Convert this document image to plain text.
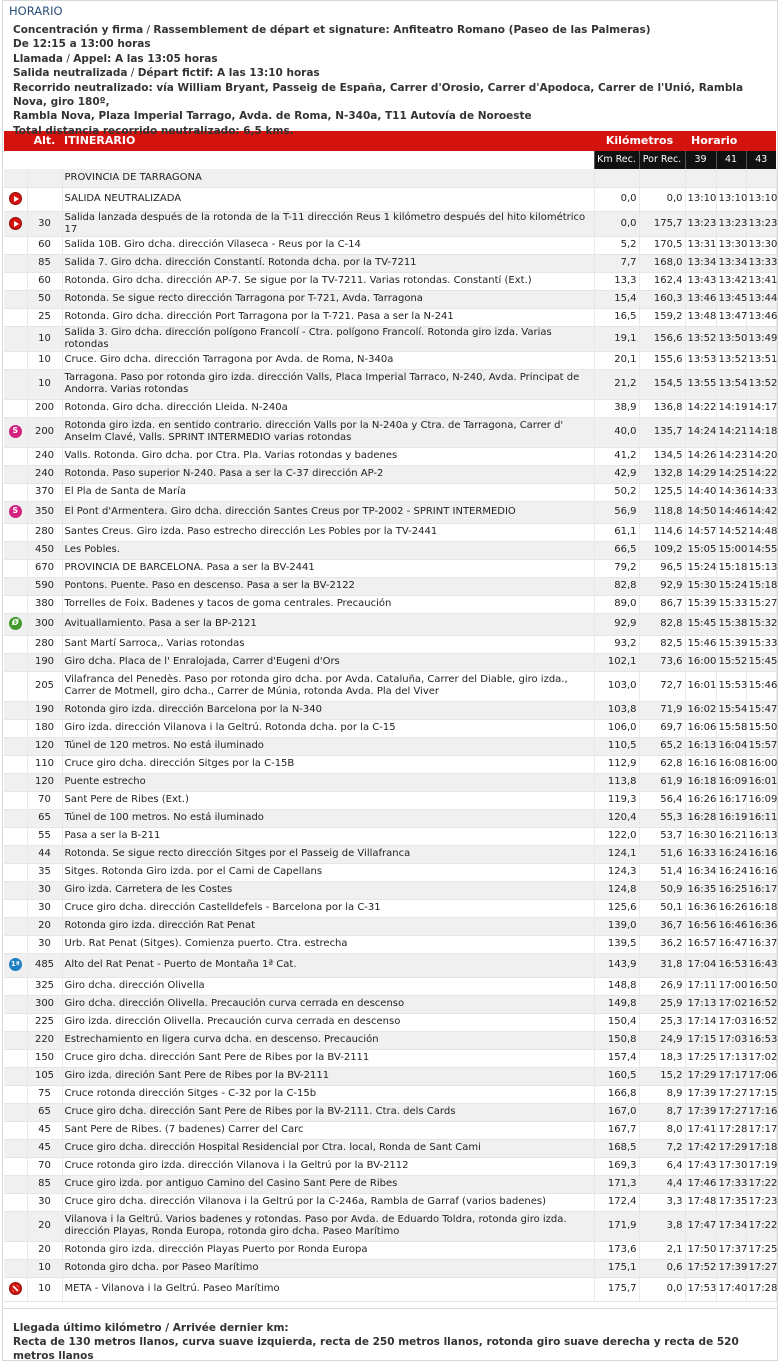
HORARIO
Concentración y firma / Rassemblement de départ et signature: Anfiteatro Romano (Paseo de las Palmeras)
De 12:15 a 13:00 horas
Llamada / Appel: A las 13:05 horas
Salida neutralizada / Départ fictif: A las 13:10 horas
Recorrido neutralizado: vía William Bryant, Passeig de España, Carrer d'Orosio, Carrer d'Apodoca, Carrer de l'Unió, Rambla Nova, giro 180º,
Rambla Nova, Plaza Imperial Tarrago, Avda. de Roma, N-340a, T11 Autovía de Noroeste
Total distancia recorrido neutralizado: 6,5 kms.
	Alt.	ITINERARIO	Kilómetros		Horario		
			Km Rec.	Por Rec.	39	41	43
		PROVINCIA DE TARRAGONA					
		SALIDA NEUTRALIZADA	0,0	0,0	13:10	13:10	13:10
	30	Salida lanzada después de la rotonda de la T-11 dirección Reus 1 kilómetro después del hito kilométrico 17	0,0	175,7	13:23	13:23	13:23
	60	Salida 10B. Giro dcha. dirección Vilaseca - Reus por la C-14	5,2	170,5	13:31	13:30	13:30
	85	Salida 7. Giro dcha. dirección Constantí. Rotonda dcha. por la TV-7211	7,7	168,0	13:34	13:34	13:33
	60	Rotonda. Giro dcha. dirección AP-7. Se sigue por la TV-7211. Varias rotondas. Constantí (Ext.)	13,3	162,4	13:43	13:42	13:41
	50	Rotonda. Se sigue recto dirección Tarragona por T-721, Avda. Tarragona	15,4	160,3	13:46	13:45	13:44
	25	Rotonda. Giro dcha. dirección Port Tarragona por la T-721. Pasa a ser la N-241	16,5	159,2	13:48	13:47	13:46
	10	Salida 3. Giro dcha. dirección polígono Francolí - Ctra. polígono Francolí. Rotonda giro izda. Varias rotondas	19,1	156,6	13:52	13:50	13:49
	10	Cruce. Giro dcha. dirección Tarragona por Avda. de Roma, N-340a	20,1	155,6	13:53	13:52	13:51
	10	Tarragona. Paso por rotonda giro izda. dirección Valls, Placa Imperial Tarraco, N-240, Avda. Principat de Andorra. Varias rotondas	21,2	154,5	13:55	13:54	13:52
	200	Rotonda. Giro dcha. dirección Lleida. N-240a	38,9	136,8	14:22	14:19	14:17
S	200	Rotonda giro izda. en sentido contrario. dirección Valls por la N-240a y Ctra. de Tarragona, Carrer d' Anselm Clavé, Valls. SPRINT INTERMEDIO varias rotondas	40,0	135,7	14:24	14:21	14:18
	240	Valls. Rotonda. Giro dcha. por Ctra. Pla. Varias rotondas y badenes	41,2	134,5	14:26	14:23	14:20
	240	Rotonda. Paso superior N-240. Pasa a ser la C-37 dirección AP-2	42,9	132,8	14:29	14:25	14:22
	370	El Pla de Santa de María	50,2	125,5	14:40	14:36	14:33
S	350	El Pont d'Armentera. Giro dcha. dirección Santes Creus por TP-2002 - SPRINT INTERMEDIO	56,9	118,8	14:50	14:46	14:42
	280	Santes Creus. Giro izda. Paso estrecho dirección Les Pobles por la TV-2441	61,1	114,6	14:57	14:52	14:48
	450	Les Pobles.	66,5	109,2	15:05	15:00	14:55
	670	PROVINCIA DE BARCELONA. Pasa a ser la BV-2441	79,2	96,5	15:24	15:18	15:13
	590	Pontons. Puente. Paso en descenso. Pasa a ser la BV-2122	82,8	92,9	15:30	15:24	15:18
	380	Torrelles de Foix. Badenes y tacos de goma centrales. Precaución	89,0	86,7	15:39	15:33	15:27
Ø	300	Avituallamiento. Pasa a ser la BP-2121	92,9	82,8	15:45	15:38	15:32
	280	Sant Martí Sarroca,. Varias rotondas	93,2	82,5	15:46	15:39	15:33
	190	Giro dcha. Placa de l' Enralojada, Carrer d'Eugeni d'Ors	102,1	73,6	16:00	15:52	15:45
	205	Vilafranca del Penedès. Paso por rotonda giro dcha. por Avda. Cataluña, Carrer del Diable, giro izda., Carrer de Motmell, giro dcha., Carrer de Múnia, rotonda Avda. Pla del Viver	103,0	72,7	16:01	15:53	15:46
	190	Rotonda giro izda. dirección Barcelona por la N-340	103,8	71,9	16:02	15:54	15:47
	180	Giro izda. dirección Vilanova i la Geltrú. Rotonda dcha. por la C-15	106,0	69,7	16:06	15:58	15:50
	120	Túnel de 120 metros. No está iluminado	110,5	65,2	16:13	16:04	15:57
	110	Cruce giro dcha. dirección Sitges por la C-15B	112,9	62,8	16:16	16:08	16:00
	120	Puente estrecho	113,8	61,9	16:18	16:09	16:01
	70	Sant Pere de Ribes (Ext.)	119,3	56,4	16:26	16:17	16:09
	65	Túnel de 100 metros. No está iluminado	120,4	55,3	16:28	16:19	16:11
	55	Pasa a ser la B-211	122,0	53,7	16:30	16:21	16:13
	44	Rotonda. Se sigue recto dirección Sitges por el Passeig de Villafranca	124,1	51,6	16:33	16:24	16:16
	35	Sitges. Rotonda Giro izda. por el Cami de Capellans	124,3	51,4	16:34	16:24	16:16
	30	Giro izda. Carretera de les Costes	124,8	50,9	16:35	16:25	16:17
	30	Cruce giro dcha. dirección Castelldefels - Barcelona por la C-31	125,6	50,1	16:36	16:26	16:18
	20	Rotonda giro izda. dirección Rat Penat	139,0	36,7	16:56	16:46	16:36
	30	Urb. Rat Penat (Sitges). Comienza puerto. Ctra. estrecha	139,5	36,2	16:57	16:47	16:37
1ª	485	Alto del Rat Penat - Puerto de Montaña 1ª Cat.	143,9	31,8	17:04	16:53	16:43
	325	Giro dcha. dirección Olivella	148,8	26,9	17:11	17:00	16:50
	300	Giro dcha. dirección Olivella. Precaución curva cerrada en descenso	149,8	25,9	17:13	17:02	16:52
	225	Giro izda. dirección Olivella. Precaución curva cerrada en descenso	150,4	25,3	17:14	17:03	16:52
	220	Estrechamiento en ligera curva dcha. en descenso. Precaución	150,8	24,9	17:15	17:03	16:53
	150	Cruce giro dcha. dirección Sant Pere de Ribes por la BV-2111	157,4	18,3	17:25	17:13	17:02
	105	Giro izda. direción Sant Pere de Ribes por la BV-2111	160,5	15,2	17:29	17:17	17:06
	75	Cruce rotonda dirección Sitges - C-32 por la C-15b	166,8	8,9	17:39	17:27	17:15
	65	Cruce giro dcha. dirección Sant Pere de Ribes por la BV-2111. Ctra. dels Cards	167,0	8,7	17:39	17:27	17:16
	45	Sant Pere de Ribes. (7 badenes) Carrer del Carc	167,7	8,0	17:41	17:28	17:17
	45	Cruce giro dcha. dirección Hospital Residencial por Ctra. local, Ronda de Sant Cami	168,5	7,2	17:42	17:29	17:18
	70	Cruce rotonda giro izda. dirección Vilanova i la Geltrú por la BV-2112	169,3	6,4	17:43	17:30	17:19
	85	Cruce giro izda. por antiguo Camino del Casino Sant Pere de Ribes	171,3	4,4	17:46	17:33	17:22
	30	Cruce giro dcha. dirección Vilanova i la Geltrú por la C-246a, Rambla de Garraf (varios badenes)	172,4	3,3	17:48	17:35	17:23
	20	Vilanova i la Geltrú. Varios badenes y rotondas. Paso por Avda. de Eduardo Toldra, rotonda giro izda. dirección Playas, Ronda Europa, rotonda giro dcha. Paseo Marítimo	171,9	3,8	17:47	17:34	17:22
	20	Rotonda giro izda. dirección Playas Puerto por Ronda Europa	173,6	2,1	17:50	17:37	17:25
	10	Rotonda giro dcha. por Paseo Marítimo	175,1	0,6	17:52	17:39	17:27
	10	META - Vilanova i la Geltrú. Paseo Marítimo	175,7	0,0	17:53	17:40	17:28
Llegada último kilómetro / Arrivée dernier km:
Recta de 130 metros llanos, curva suave izquierda, recta de 250 metros llanos, rotonda giro suave derecha y recta de 520 metros llanos
